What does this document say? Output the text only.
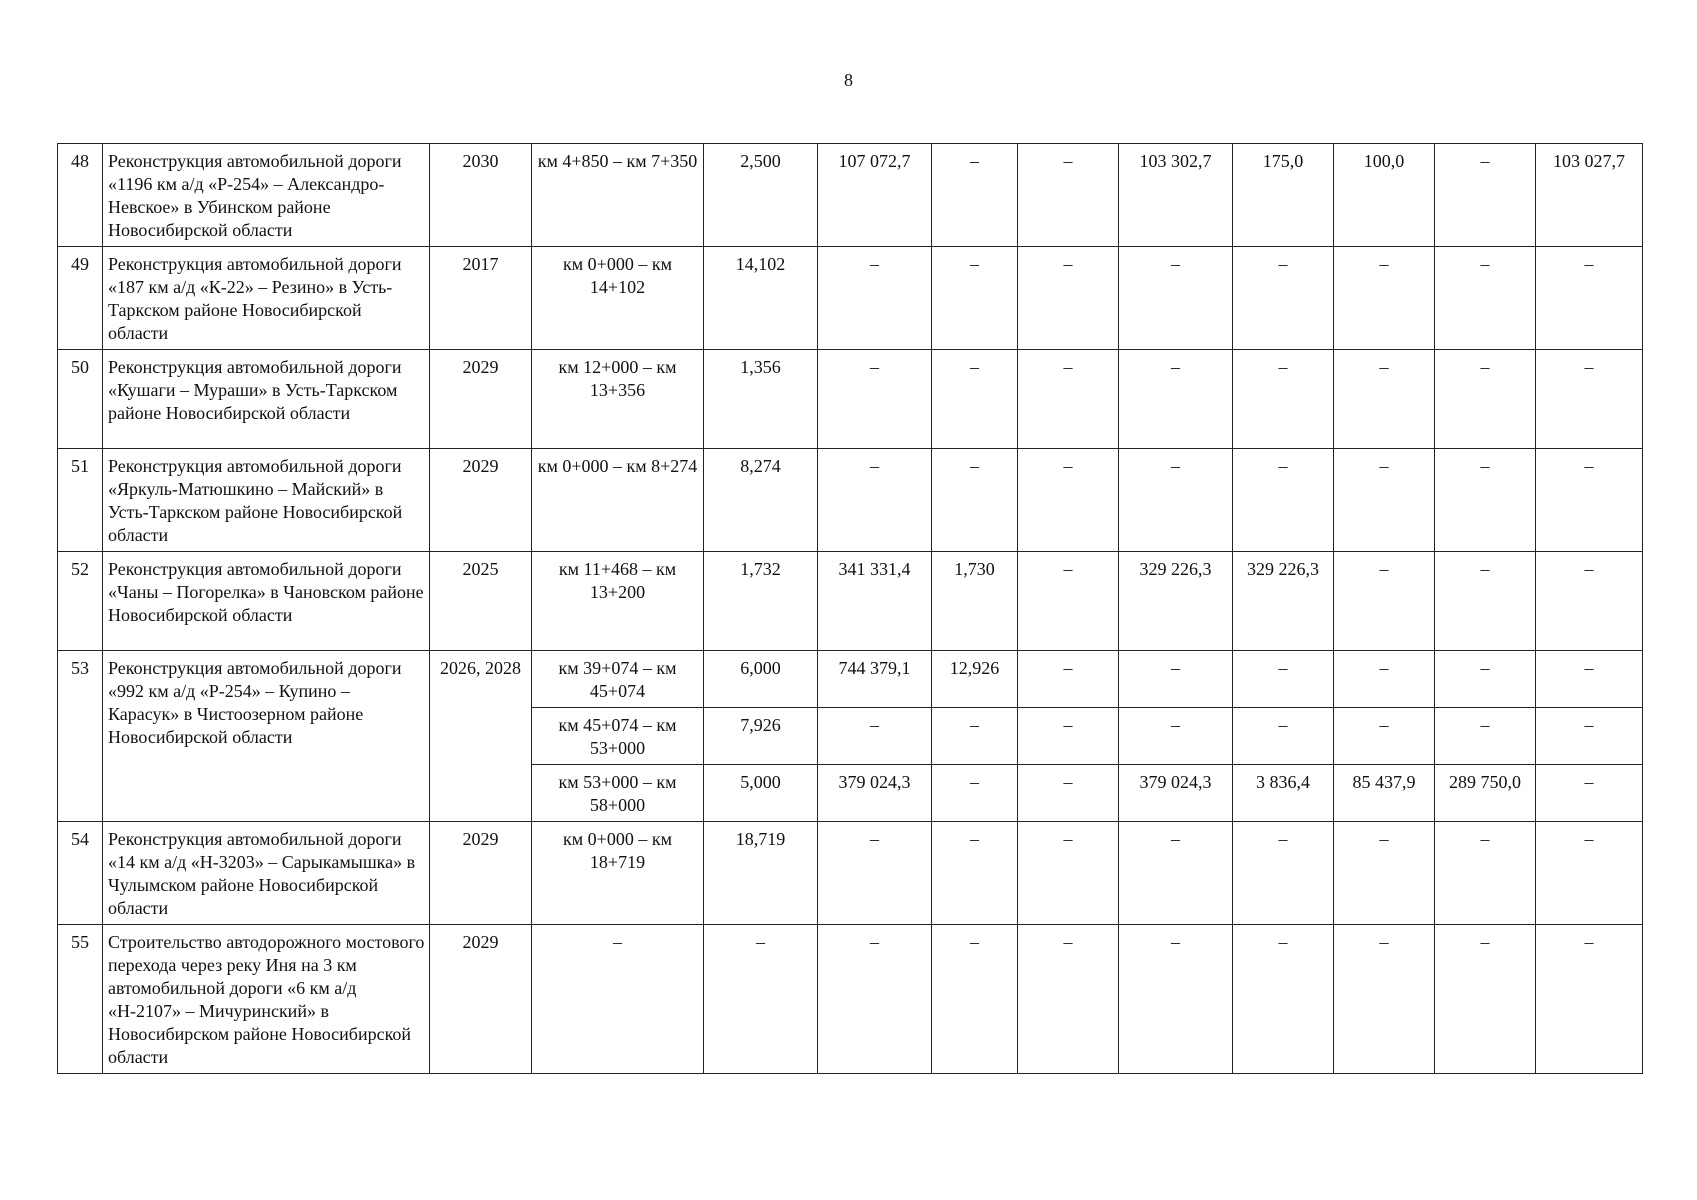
8
48	Реконструкция автомобильной дороги «1196 км а/д «Р-254» – Александро-Невское» в Убинском районе Новосибирской области	2030	км 4+850 – км 7+350	2,500	107 072,7	–	–	103 302,7	175,0	100,0	–	103 027,7
49	Реконструкция автомобильной дороги «187 км а/д «К-22» – Резино» в Усть-Таркском районе Новосибирской области	2017	км 0+000 – км 14+102	14,102	–	–	–	–	–	–	–	–
50	Реконструкция автомобильной дороги «Кушаги – Мураши» в Усть-Таркском районе Новосибирской области	2029	км 12+000 – км 13+356	1,356	–	–	–	–	–	–	–	–
51	Реконструкция автомобильной дороги «Яркуль-Матюшкино – Майский» в Усть-Таркском районе Новосибирской области	2029	км 0+000 – км 8+274	8,274	–	–	–	–	–	–	–	–
52	Реконструкция автомобильной дороги «Чаны – Погорелка» в Чановском районе Новосибирской области	2025	км 11+468 – км 13+200	1,732	341 331,4	1,730	–	329 226,3	329 226,3	–	–	–
53	Реконструкция автомобильной дороги «992 км а/д «Р-254» – Купино – Карасук» в Чистоозерном районе Новосибирской области	2026, 2028	км 39+074 – км 45+074	6,000	744 379,1	12,926	–	–	–	–	–	–
			км 45+074 – км 53+000	7,926	–	–	–	–	–	–	–	–
			км 53+000 – км 58+000	5,000	379 024,3	–	–	379 024,3	3 836,4	85 437,9	289 750,0	–
54	Реконструкция автомобильной дороги «14 км а/д «Н-3203» – Сарыкамышка» в Чулымском районе Новосибирской области	2029	км 0+000 – км 18+719	18,719	–	–	–	–	–	–	–	–
55	Строительство автодорожного мостового перехода через реку Иня на 3 км автомобильной дороги «6 км а/д «Н-2107» – Мичуринский» в Новосибирском районе Новосибирской области	2029	–	–	–	–	–	–	–	–	–	–
